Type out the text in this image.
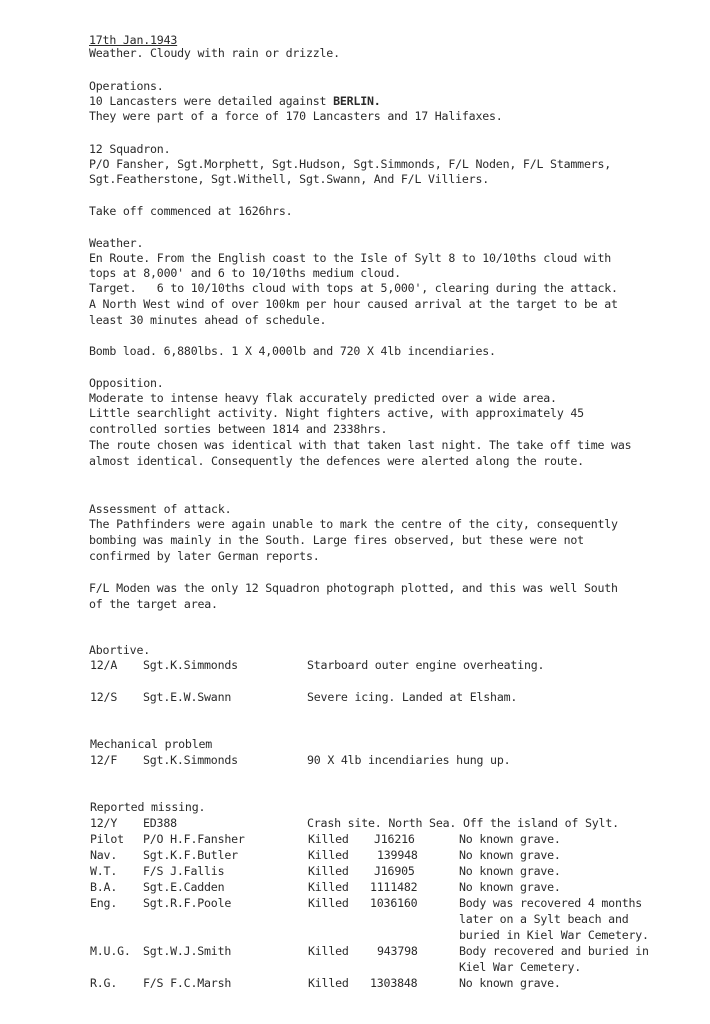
17th Jan.1943
Weather. Cloudy with rain or drizzle.
Operations.
10 Lancasters were detailed against BERLIN.
They were part of a force of 170 Lancasters and 17 Halifaxes.
12 Squadron.
P/O Fansher, Sgt.Morphett, Sgt.Hudson, Sgt.Simmonds, F/L Noden, F/L Stammers,
Sgt.Featherstone, Sgt.Withell, Sgt.Swann, And F/L Villiers.
Take off commenced at 1626hrs.
Weather.
En Route. From the English coast to the Isle of Sylt 8 to 10/10ths cloud with
tops at 8,000' and 6 to 10/10ths medium cloud.
Target.   6 to 10/10ths cloud with tops at 5,000', clearing during the attack.
A North West wind of over 100km per hour caused arrival at the target to be at
least 30 minutes ahead of schedule.
Bomb load. 6,880lbs. 1 X 4,000lb and 720 X 4lb incendiaries.
Opposition.
Moderate to intense heavy flak accurately predicted over a wide area.
Little searchlight activity. Night fighters active, with approximately 45
controlled sorties between 1814 and 2338hrs.
The route chosen was identical with that taken last night. The take off time was
almost identical. Consequently the defences were alerted along the route.
Assessment of attack.
The Pathfinders were again unable to mark the centre of the city, consequently
bombing was mainly in the South. Large fires observed, but these were not
confirmed by later German reports.
F/L Moden was the only 12 Squadron photograph plotted, and this was well South
of the target area.
Abortive.
12/A Sgt.K.Simmonds	Starboard outer engine overheating.
12/S Sgt.E.W.Swann	Severe icing. Landed at Elsham.
Mechanical problem
12/F Sgt.K.Simmonds	90 X 4lb incendiaries hung up.
Reported missing.
12/Y ED388	Crash site. North Sea. Off the island of Sylt.
Pilot P/O H.F.Fansher	Killed J16216	No known grave.
Nav. Sgt.K.F.Butler	Killed 139948	No known grave.
W.T. F/S J.Fallis	Killed J16905	No known grave.
B.A. Sgt.E.Cadden	Killed 1111482	No known grave.
Eng. Sgt.R.F.Poole	Killed 1036160	Body was recovered 4 months
later on a Sylt beach and
buried in Kiel War Cemetery.
M.U.G. Sgt.W.J.Smith	Killed 943798	Body recovered and buried in
Kiel War Cemetery.
R.G. F/S F.C.Marsh	Killed 1303848	No known grave.
